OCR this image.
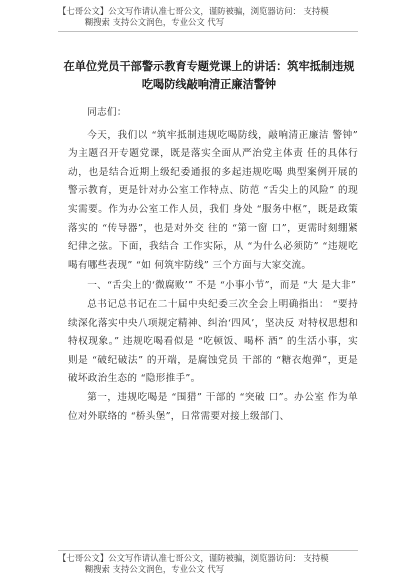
【七哥公文】公文写作请认准七哥公文，谨防被骗，浏览器访问： 支持模
糊搜索 支持公文润色，专业公文 代写
在单位党员干部警示教育专题党课上的讲话：筑牢抵制违规
吃喝防线敲响清正廉洁警钟

同志们：

今天，我们以 “筑牢抵制违规吃喝防线，敲响清正廉洁 警钟” 为主题召开专题党课，既是落实全面从严治党主体责 任的具体行动，也是结合近期上级纪委通报的多起违规吃喝 典型案例开展的警示教育，更是针对办公室工作特点、防范 “舌尖上的风险” 的现实需要。作为办公室工作人员，我们 身处 “服务中枢”，既是政策落实的 “传导器”，也是对外交 往的 “第一窗 口”，更需时刻绷紧纪律之弦。下面，我结合 工作实际，从 “为什么必须防” “违规吃喝有哪些表现” “如 何筑牢防线” 三个方面与大家交流。

一、“舌尖上的‘微腐败’” 不是 “小事小节”，而是 “大 是大非”

总书记总书记在二十届中央纪委三次全会上明确指出： “要持续深化落实中央八项规定精神、纠治‘四风’，坚决反 对特权思想和特权现象。” 违规吃喝看似是 “吃顿饭、喝杯 酒” 的生活小事，实则是 “破纪破法” 的开端，是腐蚀党员 干部的 “糖衣炮弹”，更是破坏政治生态的 “隐形推手”。

第一，违规吃喝是 “围猎” 干部的 “突破 口”。办公室 作为单位对外联络的 “桥头堡”，日常需要对接上级部门、

【七哥公文】公文写作请认准七哥公文，谨防被骗，浏览器访问： 支持模
糊搜索 支持公文润色，专业公文 代写
